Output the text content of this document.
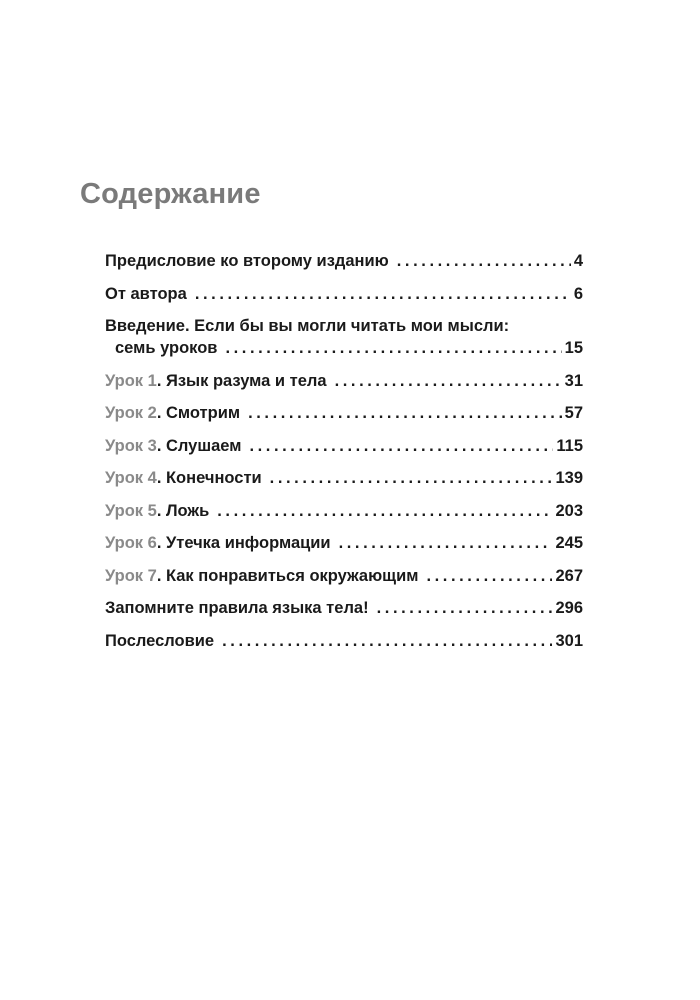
Содержание
Предисловие ко второму изданию . . .	4
От автора . . .	6
Введение. Если бы вы могли читать мои мысли:
семь уроков . . .	15
Урок 1 . Язык разума и тела . . .	31
Урок 2 . Смотрим . . .	57
Урок 3 . Слушаем . . .	115
Урок 4 . Конечности . . .	139
Урок 5 . Ложь . . .	203
Урок 6 . Утечка информации . . .	245
Урок 7 . Как понравиться окружающим . . .	267
Запомните правила языка тела! . . .	296
Послесловие . . .	301
